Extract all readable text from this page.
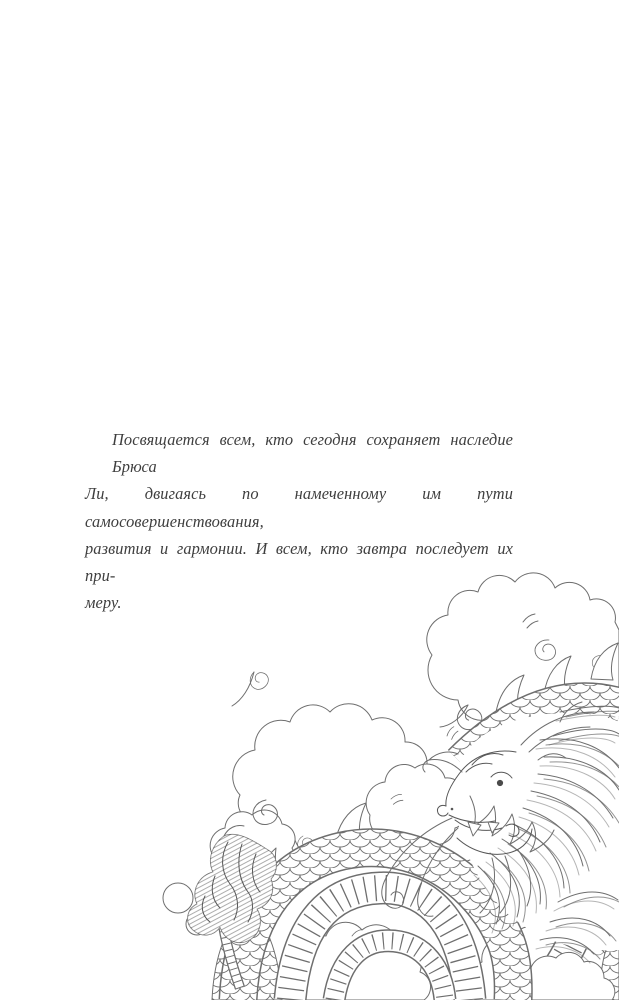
Посвящается всем, кто сегодня сохраняет наследие Брюса
Ли, двигаясь по намеченному им пути самосовершенствования,
развития и гармонии. И всем, кто завтра последует их при-
меру.
